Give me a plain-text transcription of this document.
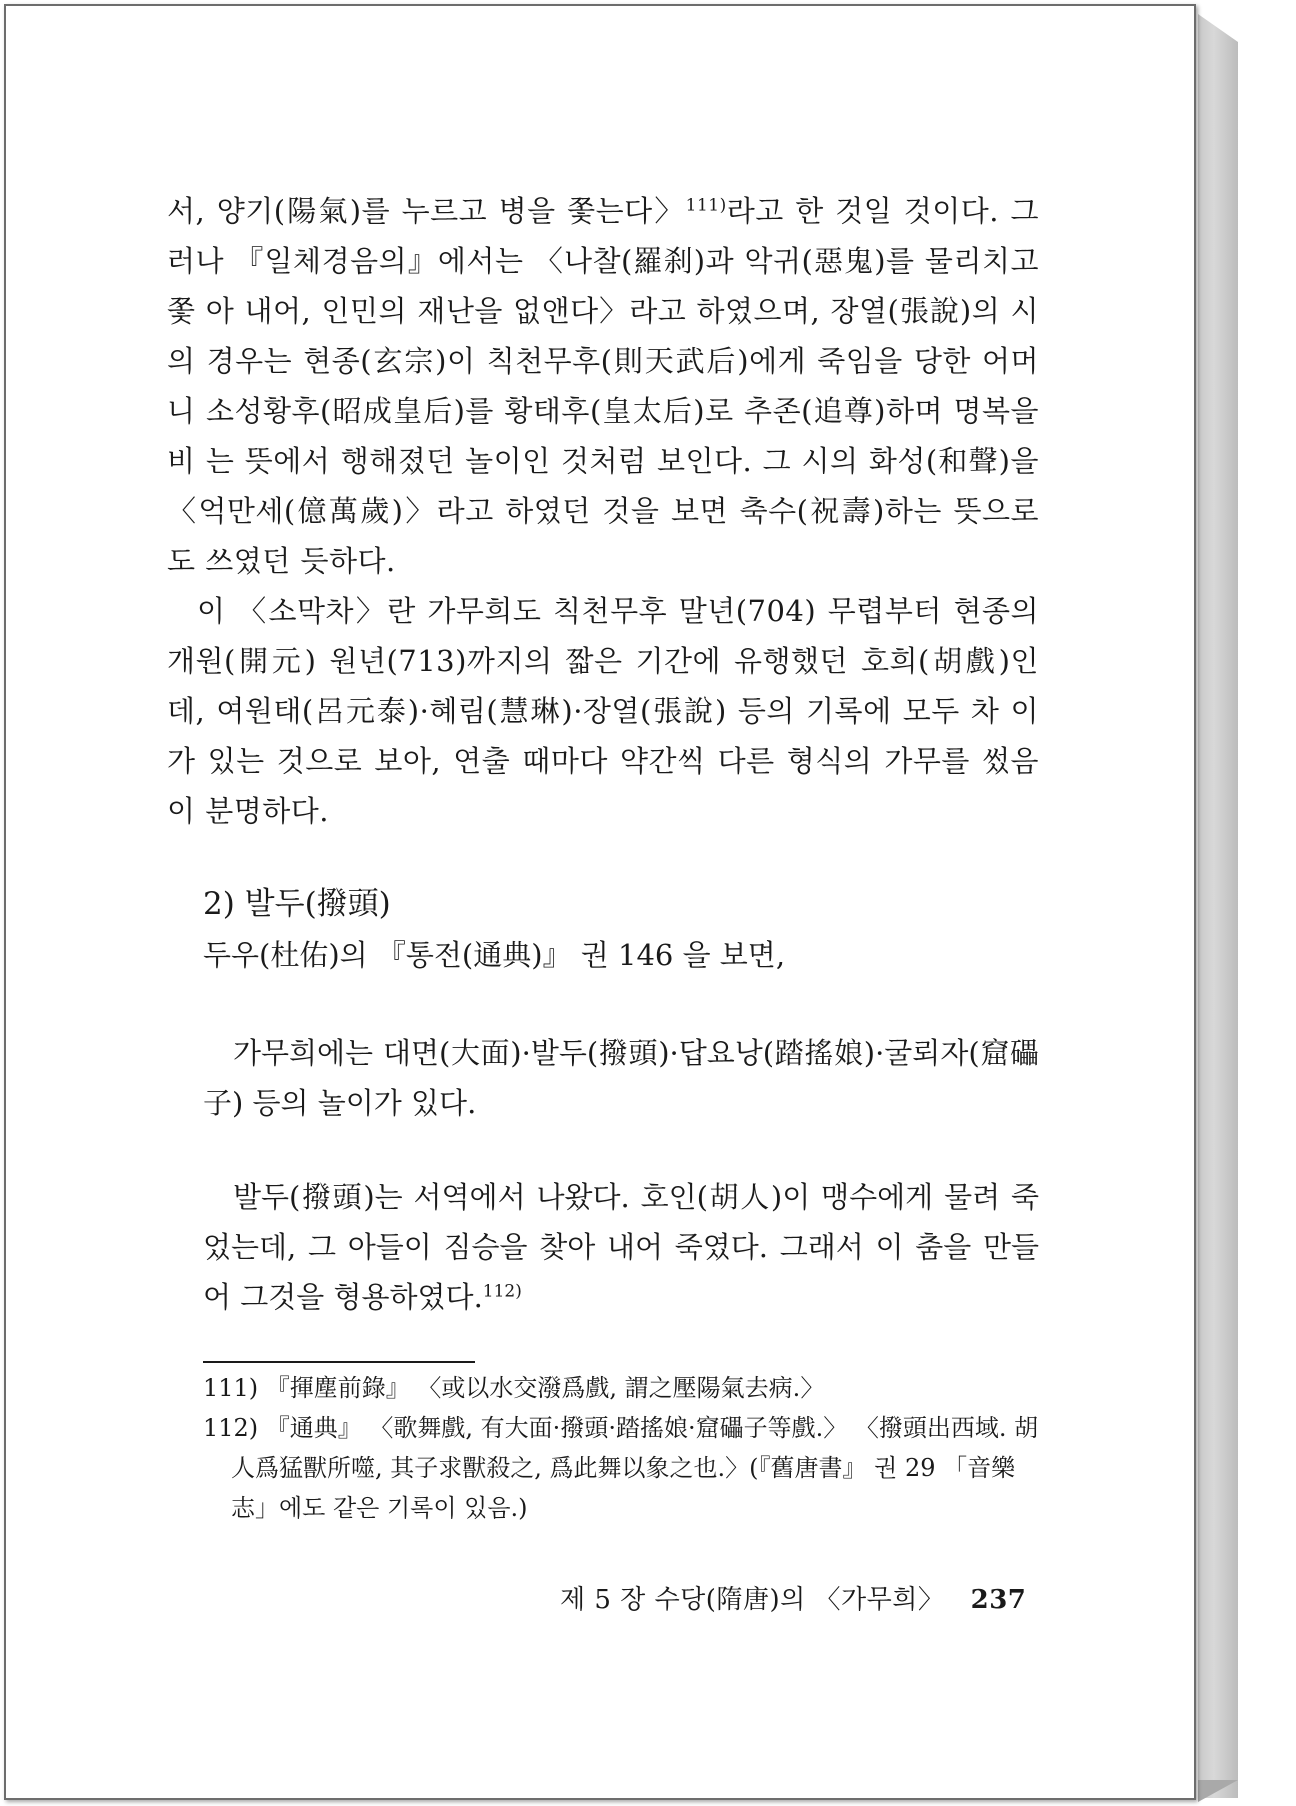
서, 양기(陽氣)를 누르고 병을 쫓는다〉$^{111)}$라고 한 것일 것이다. 그 러나 『일체경음의』에서는 〈나찰(羅刹)과 악귀(惡鬼)를 물리치고 쫓 아 내어, 인민의 재난을 없앤다〉라고 하였으며, 장열(張說)의 시의 경우는 현종(玄宗)이 칙천무후(則天武后)에게 죽임을 당한 어머니 소성황후(昭成皇后)를 황태후(皇太后)로 추존(追尊)하며 명복을 비 는 뜻에서 행해졌던 놀이인 것처럼 보인다. 그 시의 화성(和聲)을 〈억만세(億萬歲)〉라고 하였던 것을 보면 축수(祝壽)하는 뜻으로도 쓰였던 듯하다.

이 〈소막차〉란 가무희도 칙천무후 말년(704) 무렵부터 현종의 개원(開元) 원년(713)까지의 짧은 기간에 유행했던 호희(胡戲)인 데, 여원태(呂元泰)·혜림(慧琳)·장열(張說) 등의 기록에 모두 차 이가 있는 것으로 보아, 연출 때마다 약간씩 다른 형식의 가무를 썼음이 분명하다.

2) 발두(撥頭)

두우(杜佑)의 『통전(通典)』 권 146 을 보면,

가무희에는 대면(大面)·발두(撥頭)·답요낭(踏搖娘)·굴뢰자(窟礧子) 등의 놀이가 있다.

발두(撥頭)는 서역에서 나왔다. 호인(胡人)이 맹수에게 물려 죽었는데, 그 아들이 짐승을 찾아 내어 죽였다. 그래서 이 춤을 만들어 그것을 형용하였다.$^{112)}$

111) 『揮塵前錄』 〈或以水交潑爲戲, 謂之壓陽氣去病.〉

112) 『通典』 〈歌舞戲, 有大面·撥頭·踏搖娘·窟礧子等戲.〉 〈撥頭出西域. 胡人爲猛獸所噬, 其子求獸殺之, 爲此舞以象之也.〉(『舊唐書』 권 29 「音樂志」에도 같은 기록이 있음.)

제 5 장 수당(隋唐)의 〈가무희〉 237
